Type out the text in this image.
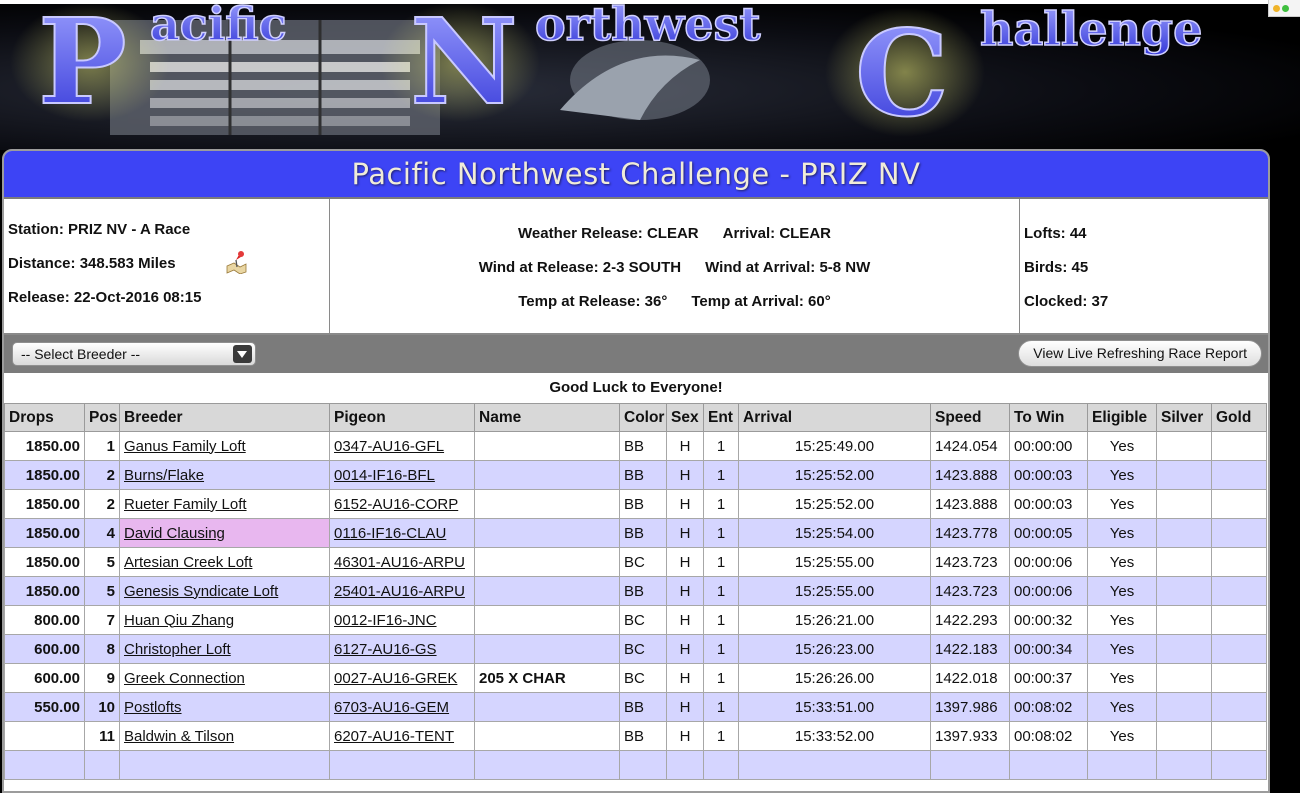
P acific N orthwest C hallenge
Pacific Northwest Challenge - PRIZ NV
Station: PRIZ NV - A Race
Distance: 348.583 Miles
Release: 22-Oct-2016 08:15
Weather Release: CLEAR Arrival: CLEAR
Wind at Release: 2-3 SOUTH Wind at Arrival: 5-8 NW
Temp at Release: 36° Temp at Arrival: 60°
Lofts: 44
Birds: 45
Clocked: 37
-- Select Breeder --	View Live Refreshing Race Report
Good Luck to Everyone!
Drops	Pos	Breeder	Pigeon	Name	Color	Sex	Ent	Arrival	Speed	To Win	Eligible	Silver	Gold
1850.00	1	Ganus Family Loft	0347-AU16-GFL		BB	H	1	15:25:49.00	1424.054	00:00:00	Yes		
1850.00	2	Burns/Flake	0014-IF16-BFL		BB	H	1	15:25:52.00	1423.888	00:00:03	Yes		
1850.00	2	Rueter Family Loft	6152-AU16-CORP		BB	H	1	15:25:52.00	1423.888	00:00:03	Yes		
1850.00	4	David Clausing	0116-IF16-CLAU		BB	H	1	15:25:54.00	1423.778	00:00:05	Yes		
1850.00	5	Artesian Creek Loft	46301-AU16-ARPU		BC	H	1	15:25:55.00	1423.723	00:00:06	Yes		
1850.00	5	Genesis Syndicate Loft	25401-AU16-ARPU		BB	H	1	15:25:55.00	1423.723	00:00:06	Yes		
800.00	7	Huan Qiu Zhang	0012-IF16-JNC		BC	H	1	15:26:21.00	1422.293	00:00:32	Yes		
600.00	8	Christopher Loft	6127-AU16-GS		BC	H	1	15:26:23.00	1422.183	00:00:34	Yes		
600.00	9	Greek Connection	0027-AU16-GREK	205 X CHAR	BC	H	1	15:26:26.00	1422.018	00:00:37	Yes		
550.00	10	Postlofts	6703-AU16-GEM		BB	H	1	15:33:51.00	1397.986	00:08:02	Yes		
	11	Baldwin & Tilson	6207-AU16-TENT		BB	H	1	15:33:52.00	1397.933	00:08:02	Yes		
